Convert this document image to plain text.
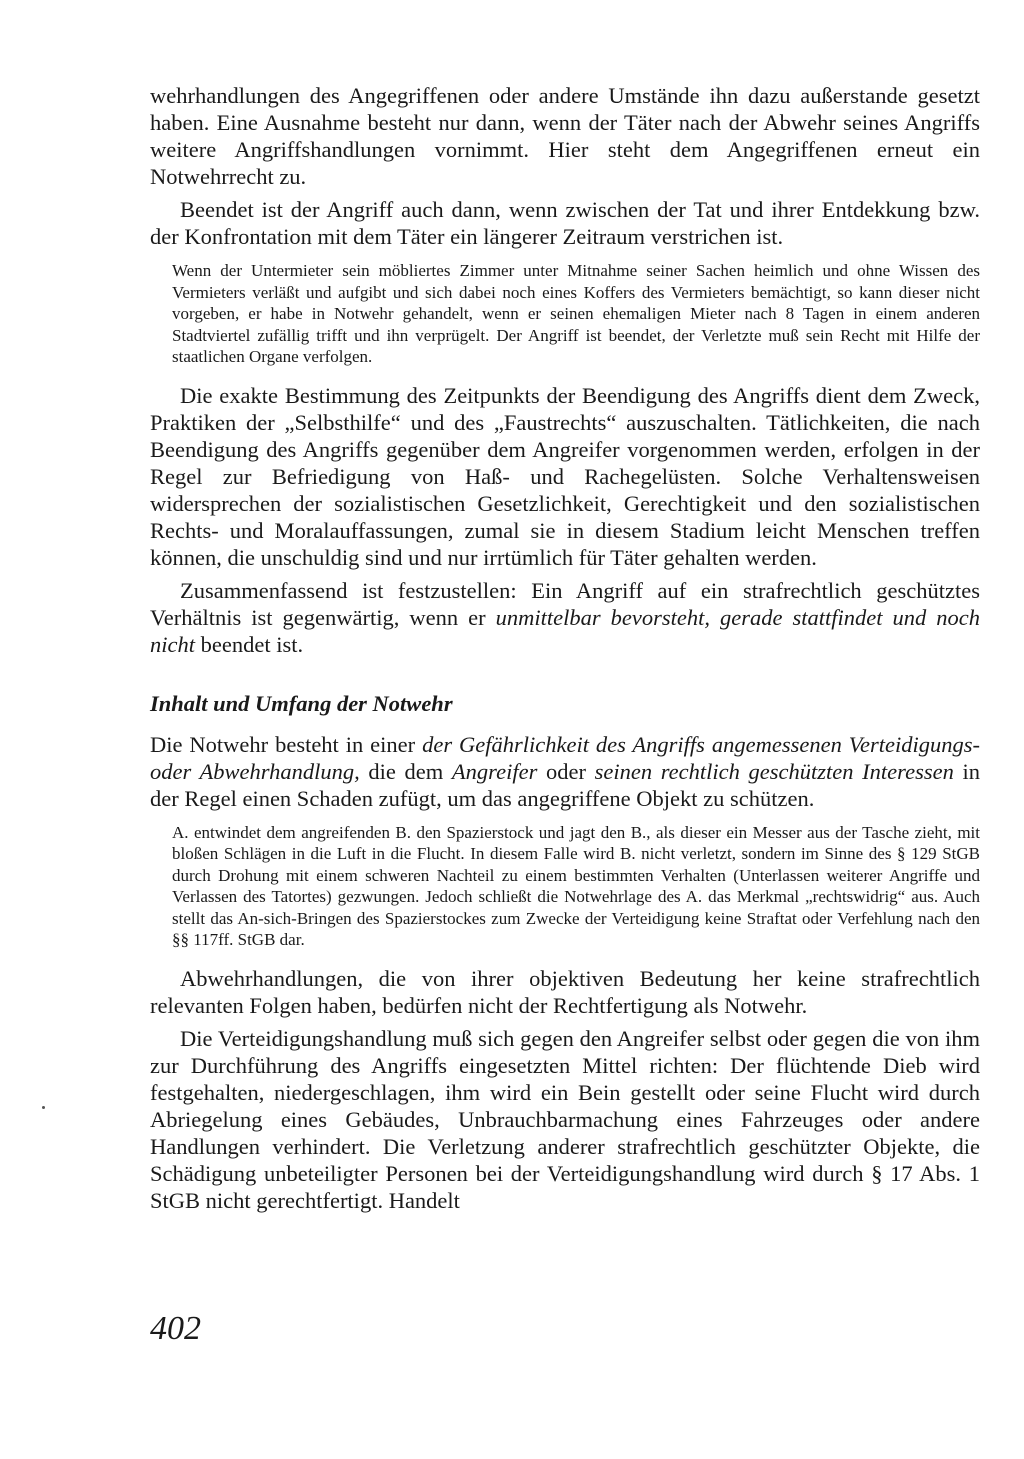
wehrhandlungen des Angegriffenen oder andere Umstände ihn dazu außerstande gesetzt haben. Eine Ausnahme besteht nur dann, wenn der Täter nach der Abwehr seines Angriffs weitere Angriffshandlungen vornimmt. Hier steht dem Angegriffenen erneut ein Notwehrrecht zu.

Beendet ist der Angriff auch dann, wenn zwischen der Tat und ihrer Entdekkung bzw. der Konfrontation mit dem Täter ein längerer Zeitraum verstrichen ist.

Wenn der Untermieter sein möbliertes Zimmer unter Mitnahme seiner Sachen heimlich und ohne Wissen des Vermieters verläßt und aufgibt und sich dabei noch eines Koffers des Vermieters bemächtigt, so kann dieser nicht vorgeben, er habe in Notwehr gehandelt, wenn er seinen ehemaligen Mieter nach 8 Tagen in einem anderen Stadtviertel zufällig trifft und ihn verprügelt. Der Angriff ist beendet, der Verletzte muß sein Recht mit Hilfe der staatlichen Organe verfolgen.

Die exakte Bestimmung des Zeitpunkts der Beendigung des Angriffs dient dem Zweck, Praktiken der „Selbsthilfe“ und des „Faustrechts“ auszuschalten. Tätlichkeiten, die nach Beendigung des Angriffs gegenüber dem Angreifer vorgenommen werden, erfolgen in der Regel zur Befriedigung von Haß- und Rachegelüsten. Solche Verhaltensweisen widersprechen der sozialistischen Gesetzlichkeit, Gerechtigkeit und den sozialistischen Rechts- und Moralauffassungen, zumal sie in diesem Stadium leicht Menschen treffen können, die unschuldig sind und nur irrtümlich für Täter gehalten werden.

Zusammenfassend ist festzustellen: Ein Angriff auf ein strafrechtlich geschütztes Verhältnis ist gegenwärtig, wenn er unmittelbar bevorsteht, gerade stattfindet und noch nicht beendet ist.

Inhalt und Umfang der Notwehr

Die Notwehr besteht in einer der Gefährlichkeit des Angriffs angemessenen Verteidigungs- oder Abwehrhandlung, die dem Angreifer oder seinen rechtlich geschützten Interessen in der Regel einen Schaden zufügt, um das angegriffene Objekt zu schützen.

A. entwindet dem angreifenden B. den Spazierstock und jagt den B., als dieser ein Messer aus der Tasche zieht, mit bloßen Schlägen in die Luft in die Flucht. In diesem Falle wird B. nicht verletzt, sondern im Sinne des § 129 StGB durch Drohung mit einem schweren Nachteil zu einem bestimmten Verhalten (Unterlassen weiterer Angriffe und Verlassen des Tatortes) gezwungen. Jedoch schließt die Notwehrlage des A. das Merkmal „rechtswidrig“ aus. Auch stellt das An-sich-Bringen des Spazierstockes zum Zwecke der Verteidigung keine Straftat oder Verfehlung nach den §§ 117ff. StGB dar.

Abwehrhandlungen, die von ihrer objektiven Bedeutung her keine strafrechtlich relevanten Folgen haben, bedürfen nicht der Rechtfertigung als Notwehr.

Die Verteidigungshandlung muß sich gegen den Angreifer selbst oder gegen die von ihm zur Durchführung des Angriffs eingesetzten Mittel richten: Der flüchtende Dieb wird festgehalten, niedergeschlagen, ihm wird ein Bein gestellt oder seine Flucht wird durch Abriegelung eines Gebäudes, Unbrauchbarmachung eines Fahrzeuges oder andere Handlungen verhindert. Die Verletzung anderer strafrechtlich geschützter Objekte, die Schädigung unbeteiligter Personen bei der Verteidigungshandlung wird durch § 17 Abs. 1 StGB nicht gerechtfertigt. Handelt

402
